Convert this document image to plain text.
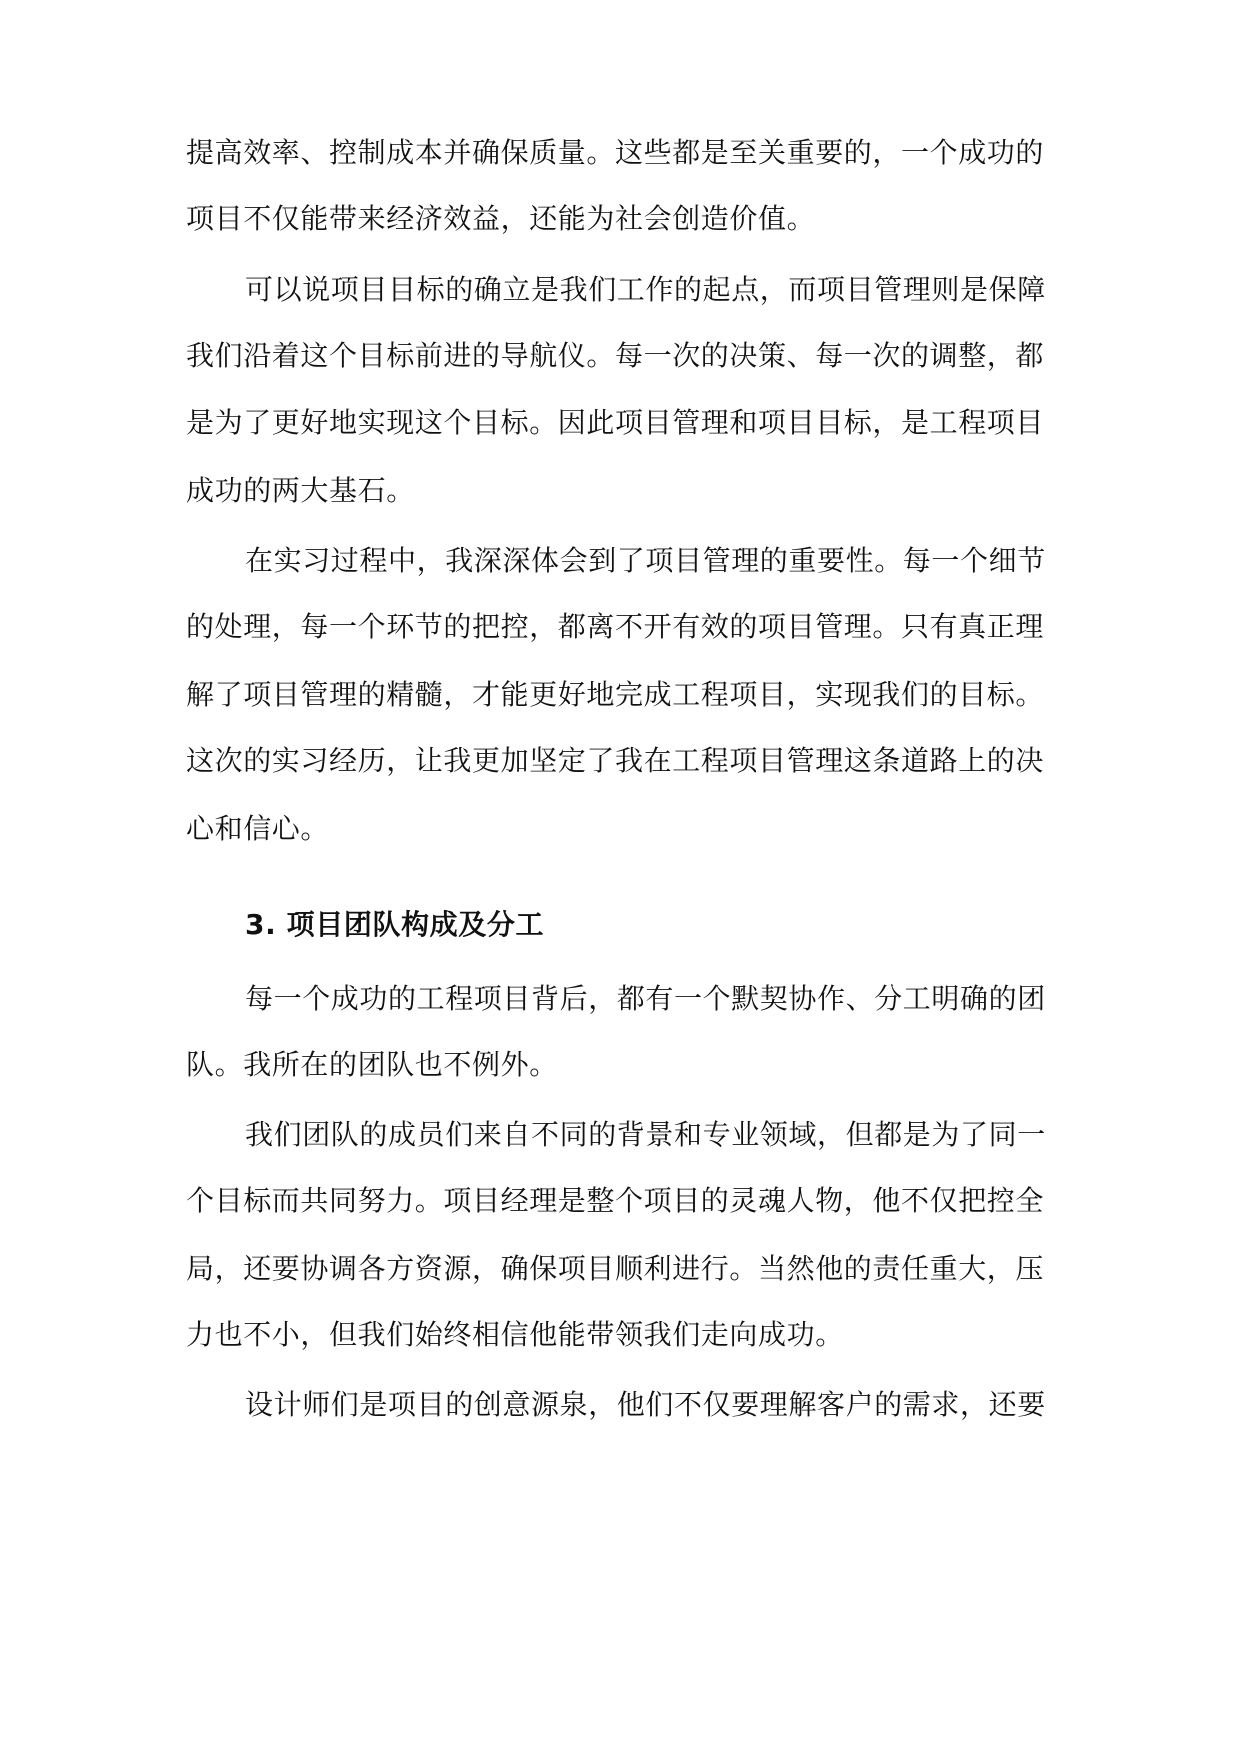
提高效率、控制成本并确保质量。这些都是至关重要的，一个成功的
项目不仅能带来经济效益，还能为社会创造价值。
可以说项目目标的确立是我们工作的起点，而项目管理则是保障
我们沿着这个目标前进的导航仪。每一次的决策、每一次的调整，都
是为了更好地实现这个目标。因此项目管理和项目目标，是工程项目
成功的两大基石。
在实习过程中，我深深体会到了项目管理的重要性。每一个细节
的处理，每一个环节的把控，都离不开有效的项目管理。只有真正理
解了项目管理的精髓，才能更好地完成工程项目，实现我们的目标。
这次的实习经历，让我更加坚定了我在工程项目管理这条道路上的决
心和信心。
3. 项目团队构成及分工
每一个成功的工程项目背后，都有一个默契协作、分工明确的团
队。我所在的团队也不例外。
我们团队的成员们来自不同的背景和专业领域，但都是为了同一
个目标而共同努力。项目经理是整个项目的灵魂人物，他不仅把控全
局，还要协调各方资源，确保项目顺利进行。当然他的责任重大，压
力也不小，但我们始终相信他能带领我们走向成功。
设计师们是项目的创意源泉，他们不仅要理解客户的需求，还要
